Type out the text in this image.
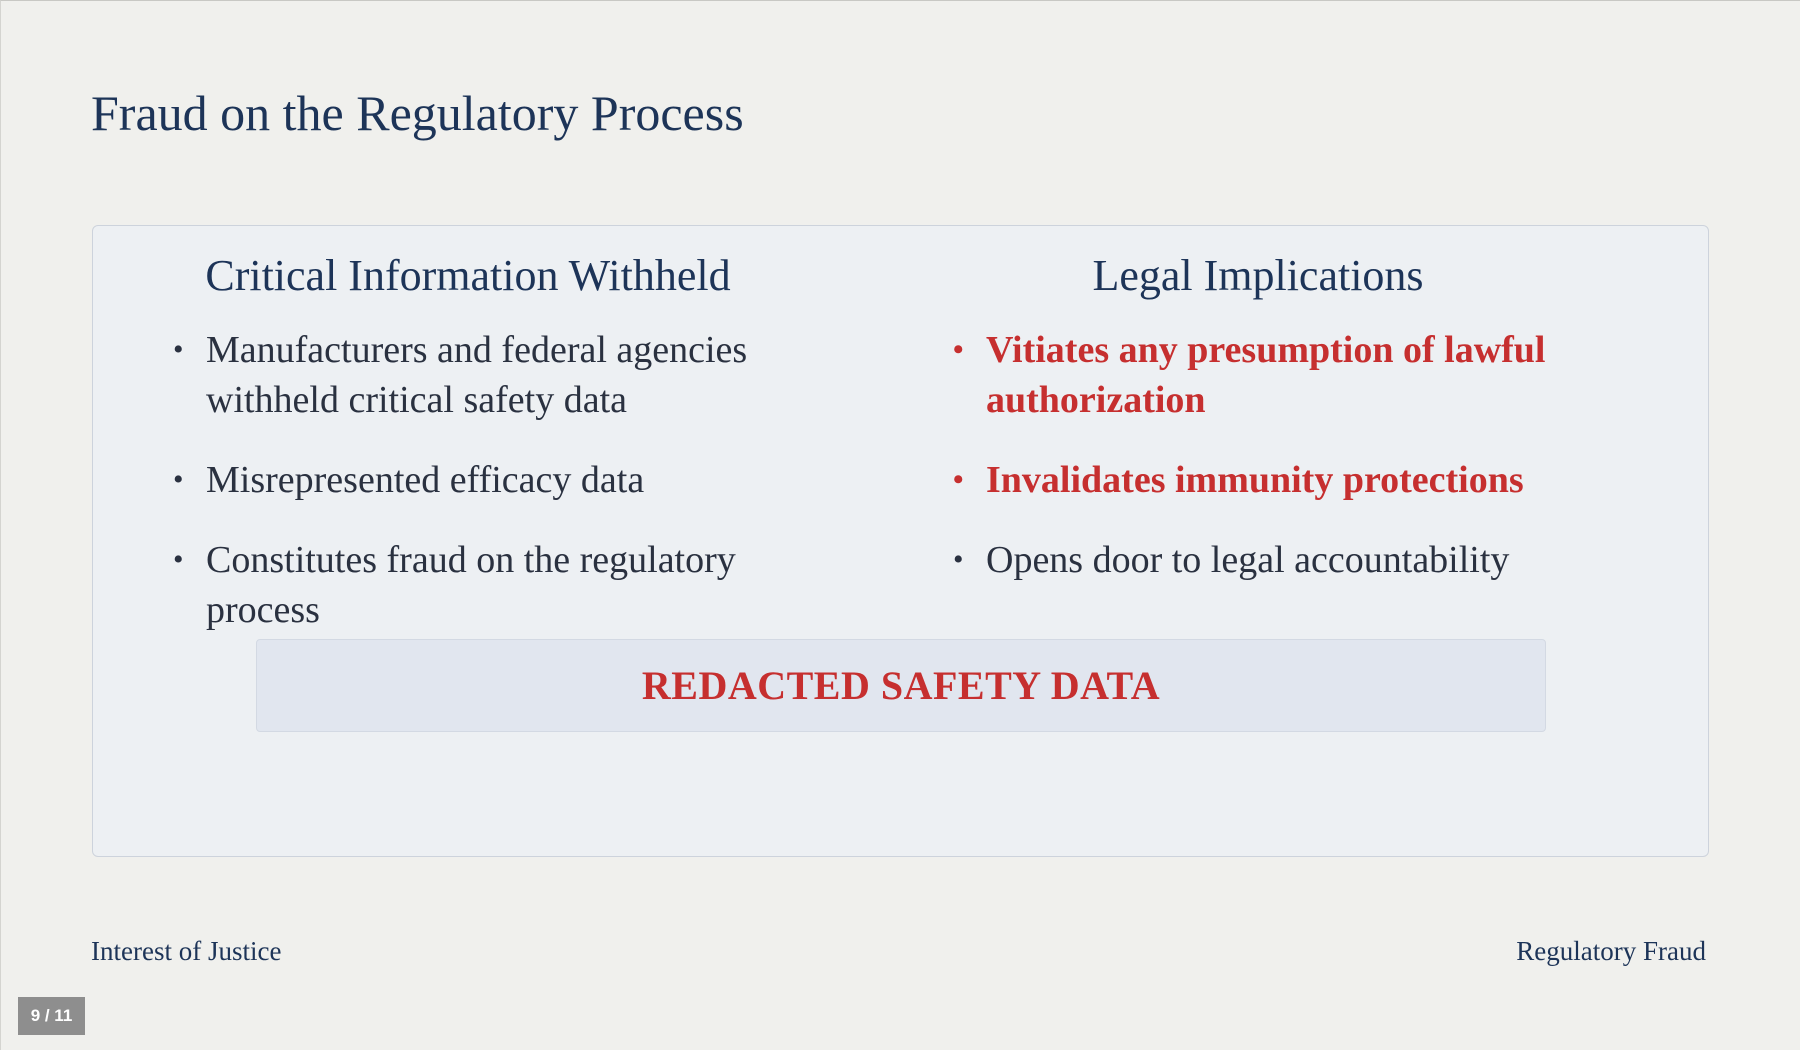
Fraud on the Regulatory Process
Critical Information Withheld
• Manufacturers and federal agencies withheld critical safety data
• Misrepresented efficacy data
• Constitutes fraud on the regulatory process
Legal Implications
• Vitiates any presumption of lawful authorization
• Invalidates immunity protections
• Opens door to legal accountability
REDACTED SAFETY DATA
Interest of Justice	Regulatory Fraud
9 / 11
